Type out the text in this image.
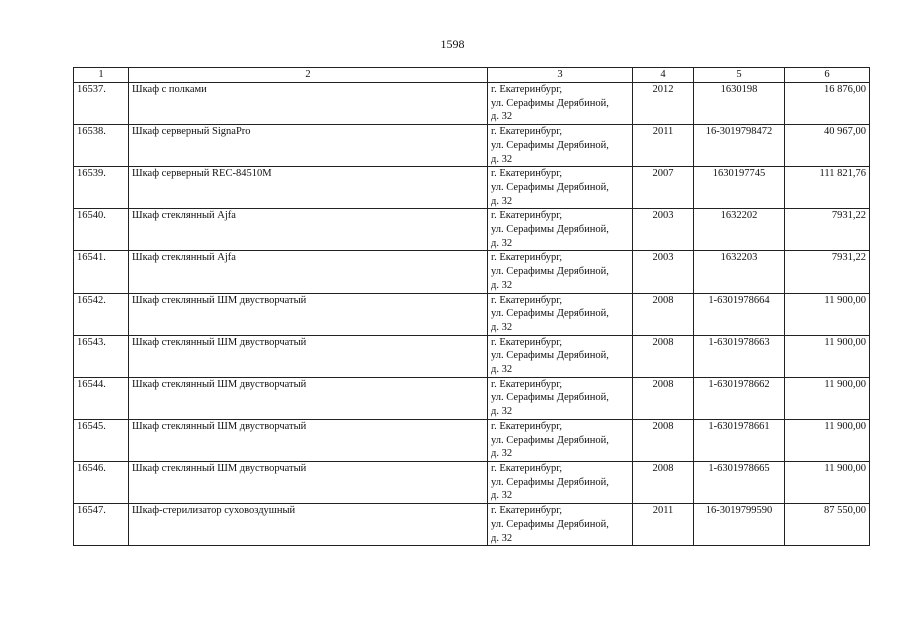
1598
1	2	3	4	5	6
16537.	Шкаф с полками	г. Екатеринбург,
ул. Серафимы Дерябиной,
д. 32	2012	1630198	16 876,00
16538.	Шкаф серверный SignaPro	г. Екатеринбург,
ул. Серафимы Дерябиной,
д. 32	2011	16-3019798472	40 967,00
16539.	Шкаф серверный REC-84510M	г. Екатеринбург,
ул. Серафимы Дерябиной,
д. 32	2007	1630197745	111 821,76
16540.	Шкаф стеклянный Ajfa	г. Екатеринбург,
ул. Серафимы Дерябиной,
д. 32	2003	1632202	7931,22
16541.	Шкаф стеклянный Ajfa	г. Екатеринбург,
ул. Серафимы Дерябиной,
д. 32	2003	1632203	7931,22
16542.	Шкаф стеклянный ШМ двустворчатый	г. Екатеринбург,
ул. Серафимы Дерябиной,
д. 32	2008	1-6301978664	11 900,00
16543.	Шкаф стеклянный ШМ двустворчатый	г. Екатеринбург,
ул. Серафимы Дерябиной,
д. 32	2008	1-6301978663	11 900,00
16544.	Шкаф стеклянный ШМ двустворчатый	г. Екатеринбург,
ул. Серафимы Дерябиной,
д. 32	2008	1-6301978662	11 900,00
16545.	Шкаф стеклянный ШМ двустворчатый	г. Екатеринбург,
ул. Серафимы Дерябиной,
д. 32	2008	1-6301978661	11 900,00
16546.	Шкаф стеклянный ШМ двустворчатый	г. Екатеринбург,
ул. Серафимы Дерябиной,
д. 32	2008	1-6301978665	11 900,00
16547.	Шкаф-стерилизатор суховоздушный	г. Екатеринбург,
ул. Серафимы Дерябиной,
д. 32	2011	16-3019799590	87 550,00
